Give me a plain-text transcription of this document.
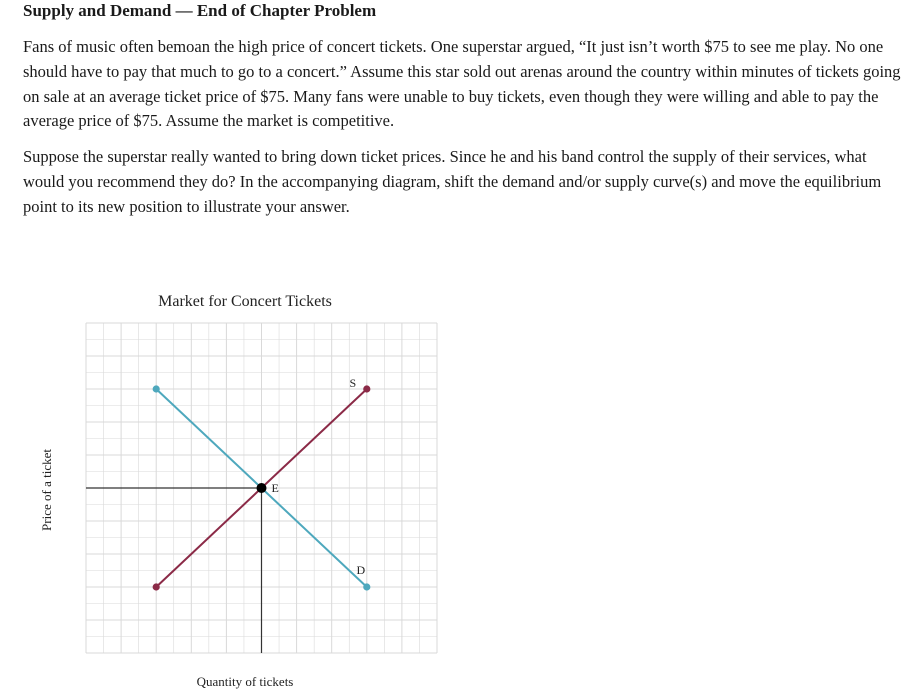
Supply and Demand — End of Chapter Problem

Fans of music often bemoan the high price of concert tickets. One superstar argued, “It just isn’t worth $75 to see me play. No one should have to pay that much to go to a concert.” Assume this star sold out arenas around the country within minutes of tickets going on sale at an average ticket price of $75. Many fans were unable to buy tickets, even though they were willing and able to pay the average price of $75. Assume the market is competitive.

Suppose the superstar really wanted to bring down ticket prices. Since he and his band control the supply of their services, what would you recommend they do? In the accompanying diagram, shift the demand and/or supply curve(s) and move the equilibrium point to its new position to illustrate your answer.

Market for Concert Tickets
D
S
E
Quantity of tickets
Price of a ticket
